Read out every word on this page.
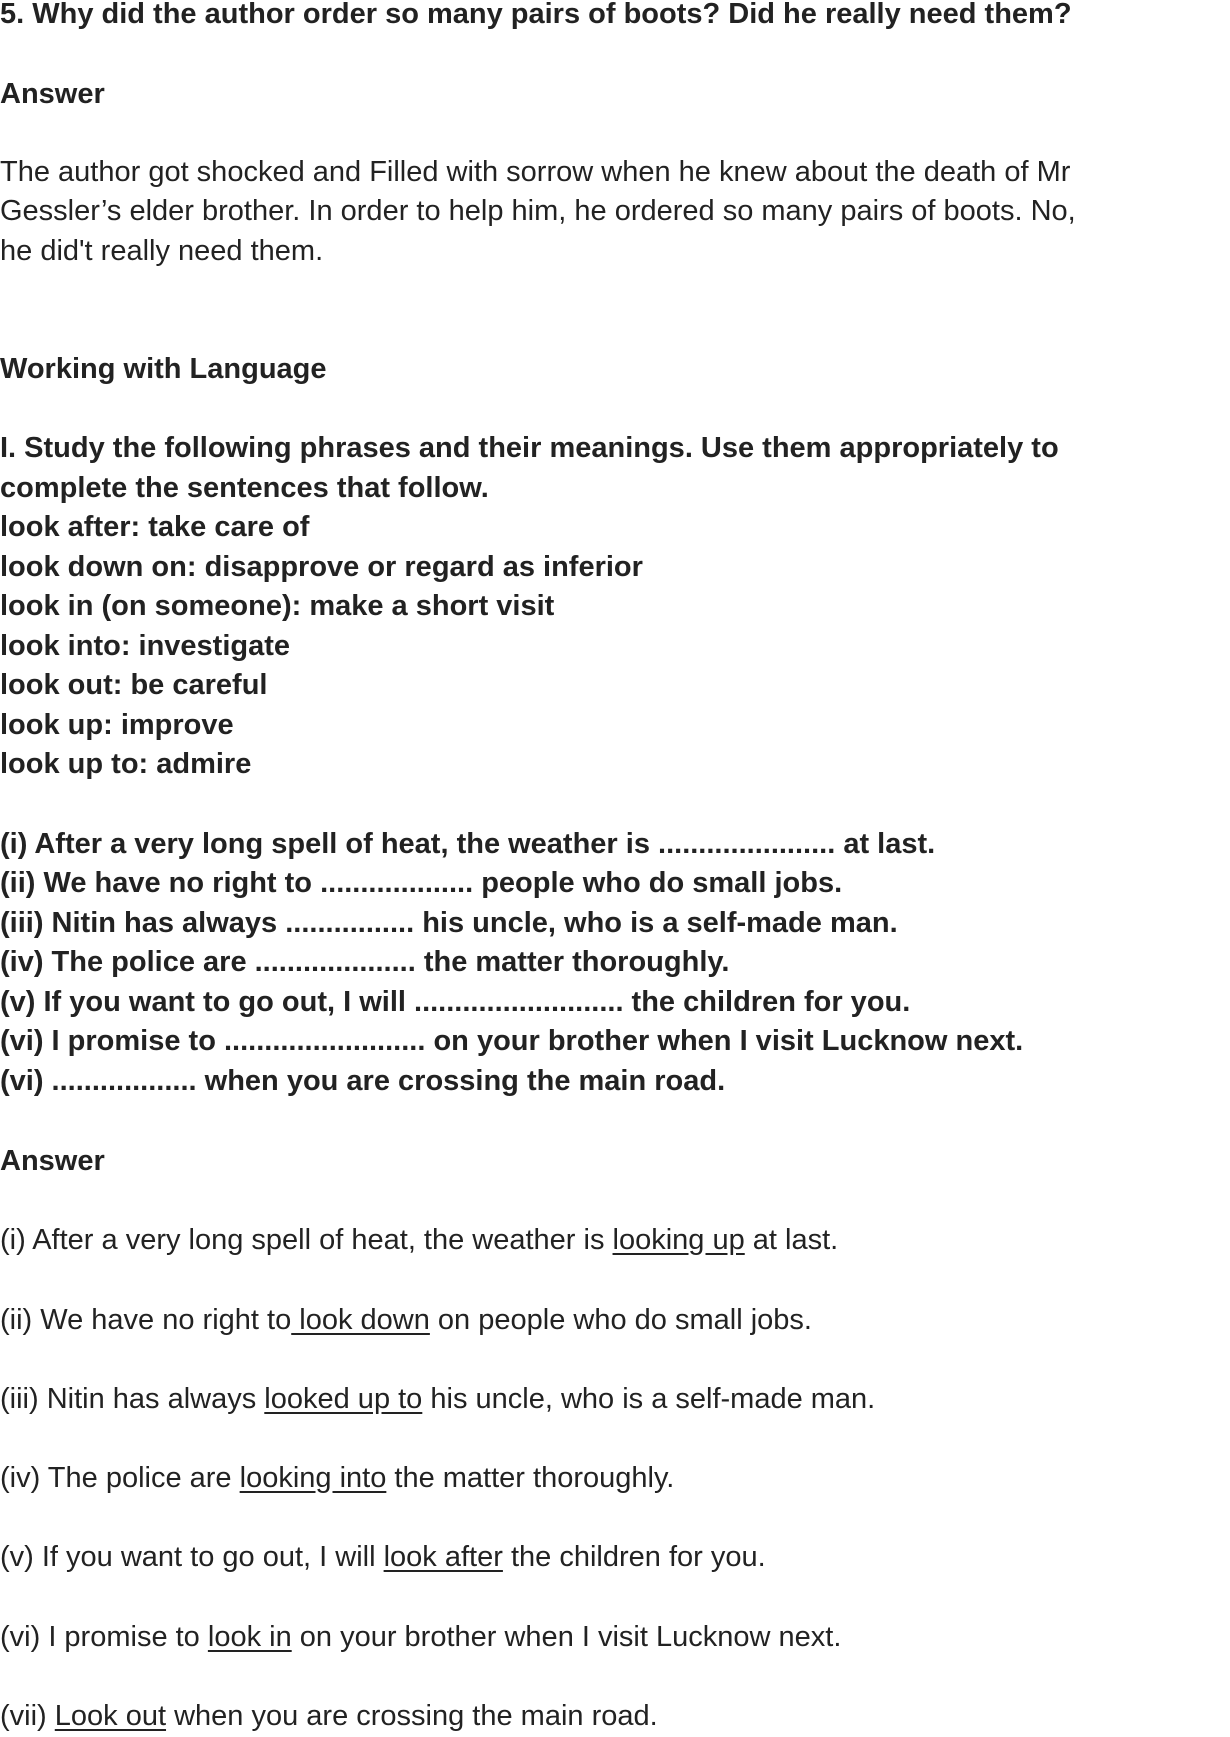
5. Why did the author order so many pairs of boots? Did he really need them?
Answer
The author got shocked and Filled with sorrow when he knew about the death of Mr
Gessler’s elder brother. In order to help him, he ordered so many pairs of boots. No,
he did't really need them.
Working with Language
I. Study the following phrases and their meanings. Use them appropriately to
complete the sentences that follow.
look after: take care of
look down on: disapprove or regard as inferior
look in (on someone): make a short visit
look into: investigate
look out: be careful
look up: improve
look up to: admire
(i) After a very long spell of heat, the weather is ...................... at last.
(ii) We have no right to ................... people who do small jobs.
(iii) Nitin has always ................ his uncle, who is a self-made man.
(iv) The police are .................... the matter thoroughly.
(v) If you want to go out, I will .......................... the children for you.
(vi) I promise to ......................... on your brother when I visit Lucknow next.
(vi) .................. when you are crossing the main road.
Answer
(i) After a very long spell of heat, the weather is looking up at last.
(ii) We have no right to look down on people who do small jobs.
(iii) Nitin has always looked up to his uncle, who is a self-made man.
(iv) The police are looking into the matter thoroughly.
(v) If you want to go out, I will look after the children for you.
(vi) I promise to look in on your brother when I visit Lucknow next.
(vii) Look out when you are crossing the main road.
